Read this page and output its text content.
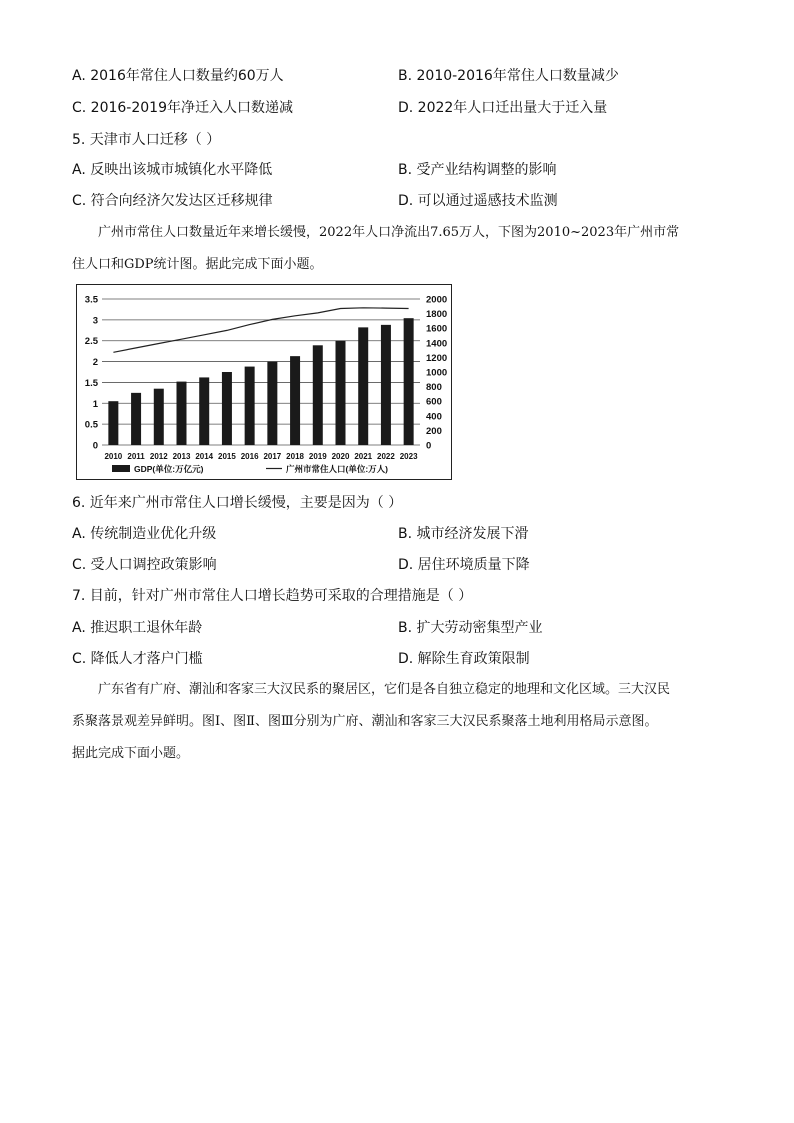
A. 2016年常住人口数量约60万人	B. 2010-2016年常住人口数量减少
C. 2016-2019年净迁入人口数递减	D. 2022年人口迁出量大于迁入量
5. 天津市人口迁移（ ）
A. 反映出该城市城镇化水平降低	B. 受产业结构调整的影响
C. 符合向经济欠发达区迁移规律	D. 可以通过遥感技术监测
广州市常住人口数量近年来增长缓慢，2022年人口净流出7.65万人，下图为2010~2023年广州市常
住人口和GDP统计图。据此完成下面小题。
0
0.5
1
1.5
2
2.5
3
3.5
0
200
400
600
800
1000
1200
1400
1600
1800
2000
2010 2011 2012 2013 2014 2015 2016 2017 2018 2019 2020 2021 2022 2023
GDP(单位:万亿元)	广州市常住人口(单位:万人)
6. 近年来广州市常住人口增长缓慢，主要是因为（ ）
A. 传统制造业优化升级	B. 城市经济发展下滑
C. 受人口调控政策影响	D. 居住环境质量下降
7. 目前，针对广州市常住人口增长趋势可采取的合理措施是（ ）
A. 推迟职工退休年龄	B. 扩大劳动密集型产业
C. 降低人才落户门槛	D. 解除生育政策限制
广东省有广府、潮汕和客家三大汉民系的聚居区，它们是各自独立稳定的地理和文化区域。三大汉民
系聚落景观差异鲜明。图Ⅰ、图Ⅱ、图Ⅲ分别为广府、潮汕和客家三大汉民系聚落土地利用格局示意图。
据此完成下面小题。
